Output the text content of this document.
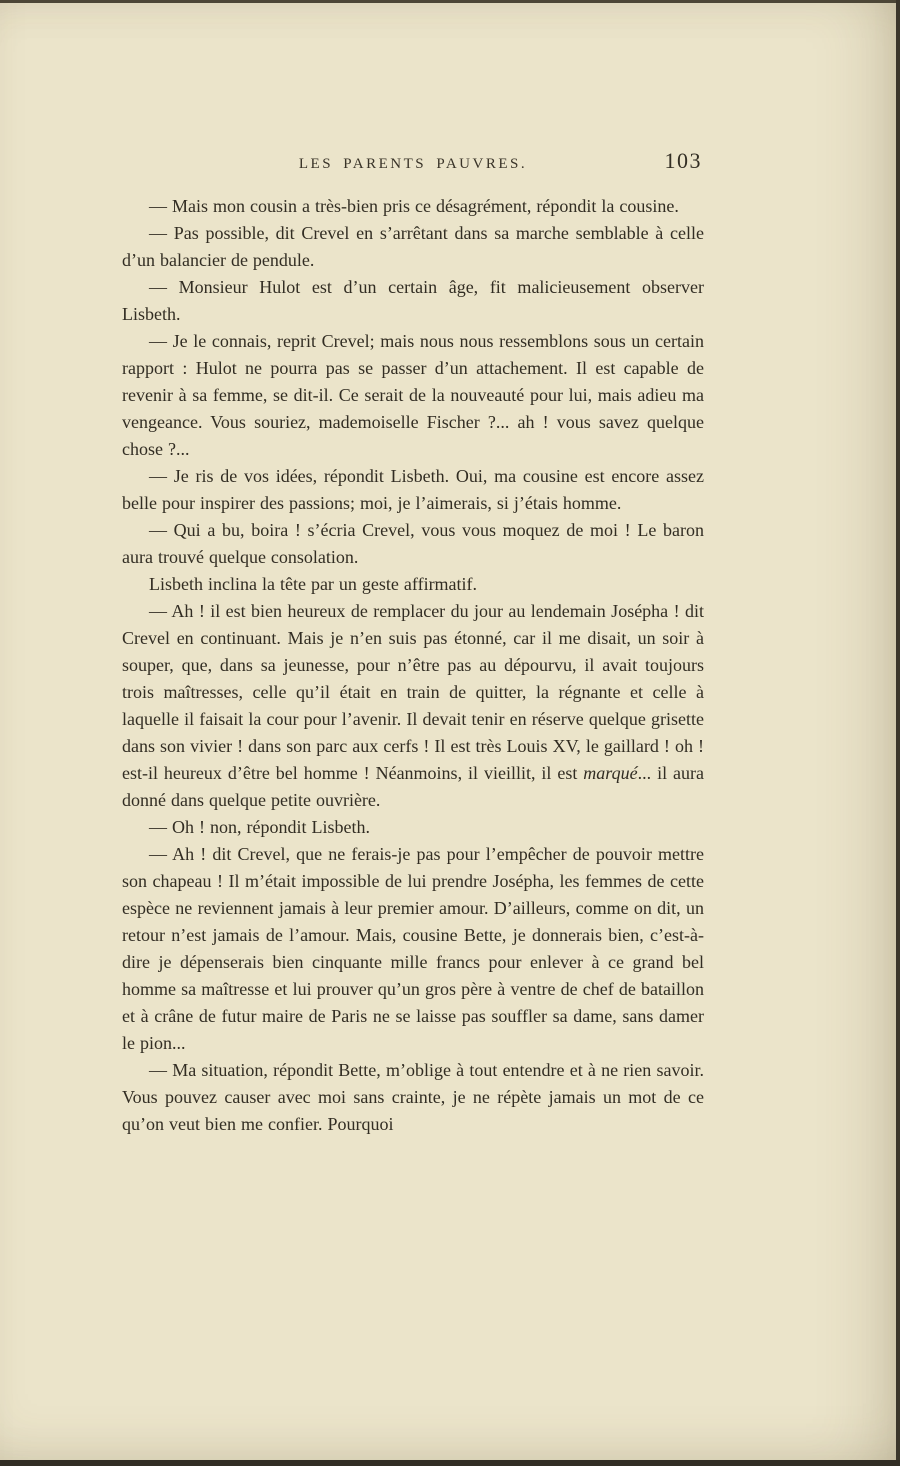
LES PARENTS PAUVRES.	103

— Mais mon cousin a très-bien pris ce désagrément, répondit la cousine.

— Pas possible, dit Crevel en s’arrêtant dans sa marche semblable à celle d’un balancier de pendule.

— Monsieur Hulot est d’un certain âge, fit malicieusement observer Lisbeth.

— Je le connais, reprit Crevel; mais nous nous ressemblons sous un certain rapport : Hulot ne pourra pas se passer d’un attachement. Il est capable de revenir à sa femme, se dit-il. Ce serait de la nouveauté pour lui, mais adieu ma vengeance. Vous souriez, mademoiselle Fischer ?... ah ! vous savez quelque chose ?...

— Je ris de vos idées, répondit Lisbeth. Oui, ma cousine est encore assez belle pour inspirer des passions; moi, je l’aimerais, si j’étais homme.

— Qui a bu, boira ! s’écria Crevel, vous vous moquez de moi ! Le baron aura trouvé quelque consolation.

Lisbeth inclina la tête par un geste affirmatif.

— Ah ! il est bien heureux de remplacer du jour au lendemain Josépha ! dit Crevel en continuant. Mais je n’en suis pas étonné, car il me disait, un soir à souper, que, dans sa jeunesse, pour n’être pas au dépourvu, il avait toujours trois maîtresses, celle qu’il était en train de quitter, la régnante et celle à laquelle il faisait la cour pour l’avenir. Il devait tenir en réserve quelque grisette dans son vivier ! dans son parc aux cerfs ! Il est très Louis XV, le gaillard ! oh ! est-il heureux d’être bel homme ! Néanmoins, il vieillit, il est marqué... il aura donné dans quelque petite ouvrière.

— Oh ! non, répondit Lisbeth.

— Ah ! dit Crevel, que ne ferais-je pas pour l’empêcher de pouvoir mettre son chapeau ! Il m’était impossible de lui prendre Josépha, les femmes de cette espèce ne reviennent jamais à leur premier amour. D’ailleurs, comme on dit, un retour n’est jamais de l’amour. Mais, cousine Bette, je donnerais bien, c’est-à-dire je dépenserais bien cinquante mille francs pour enlever à ce grand bel homme sa maîtresse et lui prouver qu’un gros père à ventre de chef de bataillon et à crâne de futur maire de Paris ne se laisse pas souffler sa dame, sans damer le pion...

— Ma situation, répondit Bette, m’oblige à tout entendre et à ne rien savoir. Vous pouvez causer avec moi sans crainte, je ne répète jamais un mot de ce qu’on veut bien me confier. Pourquoi
